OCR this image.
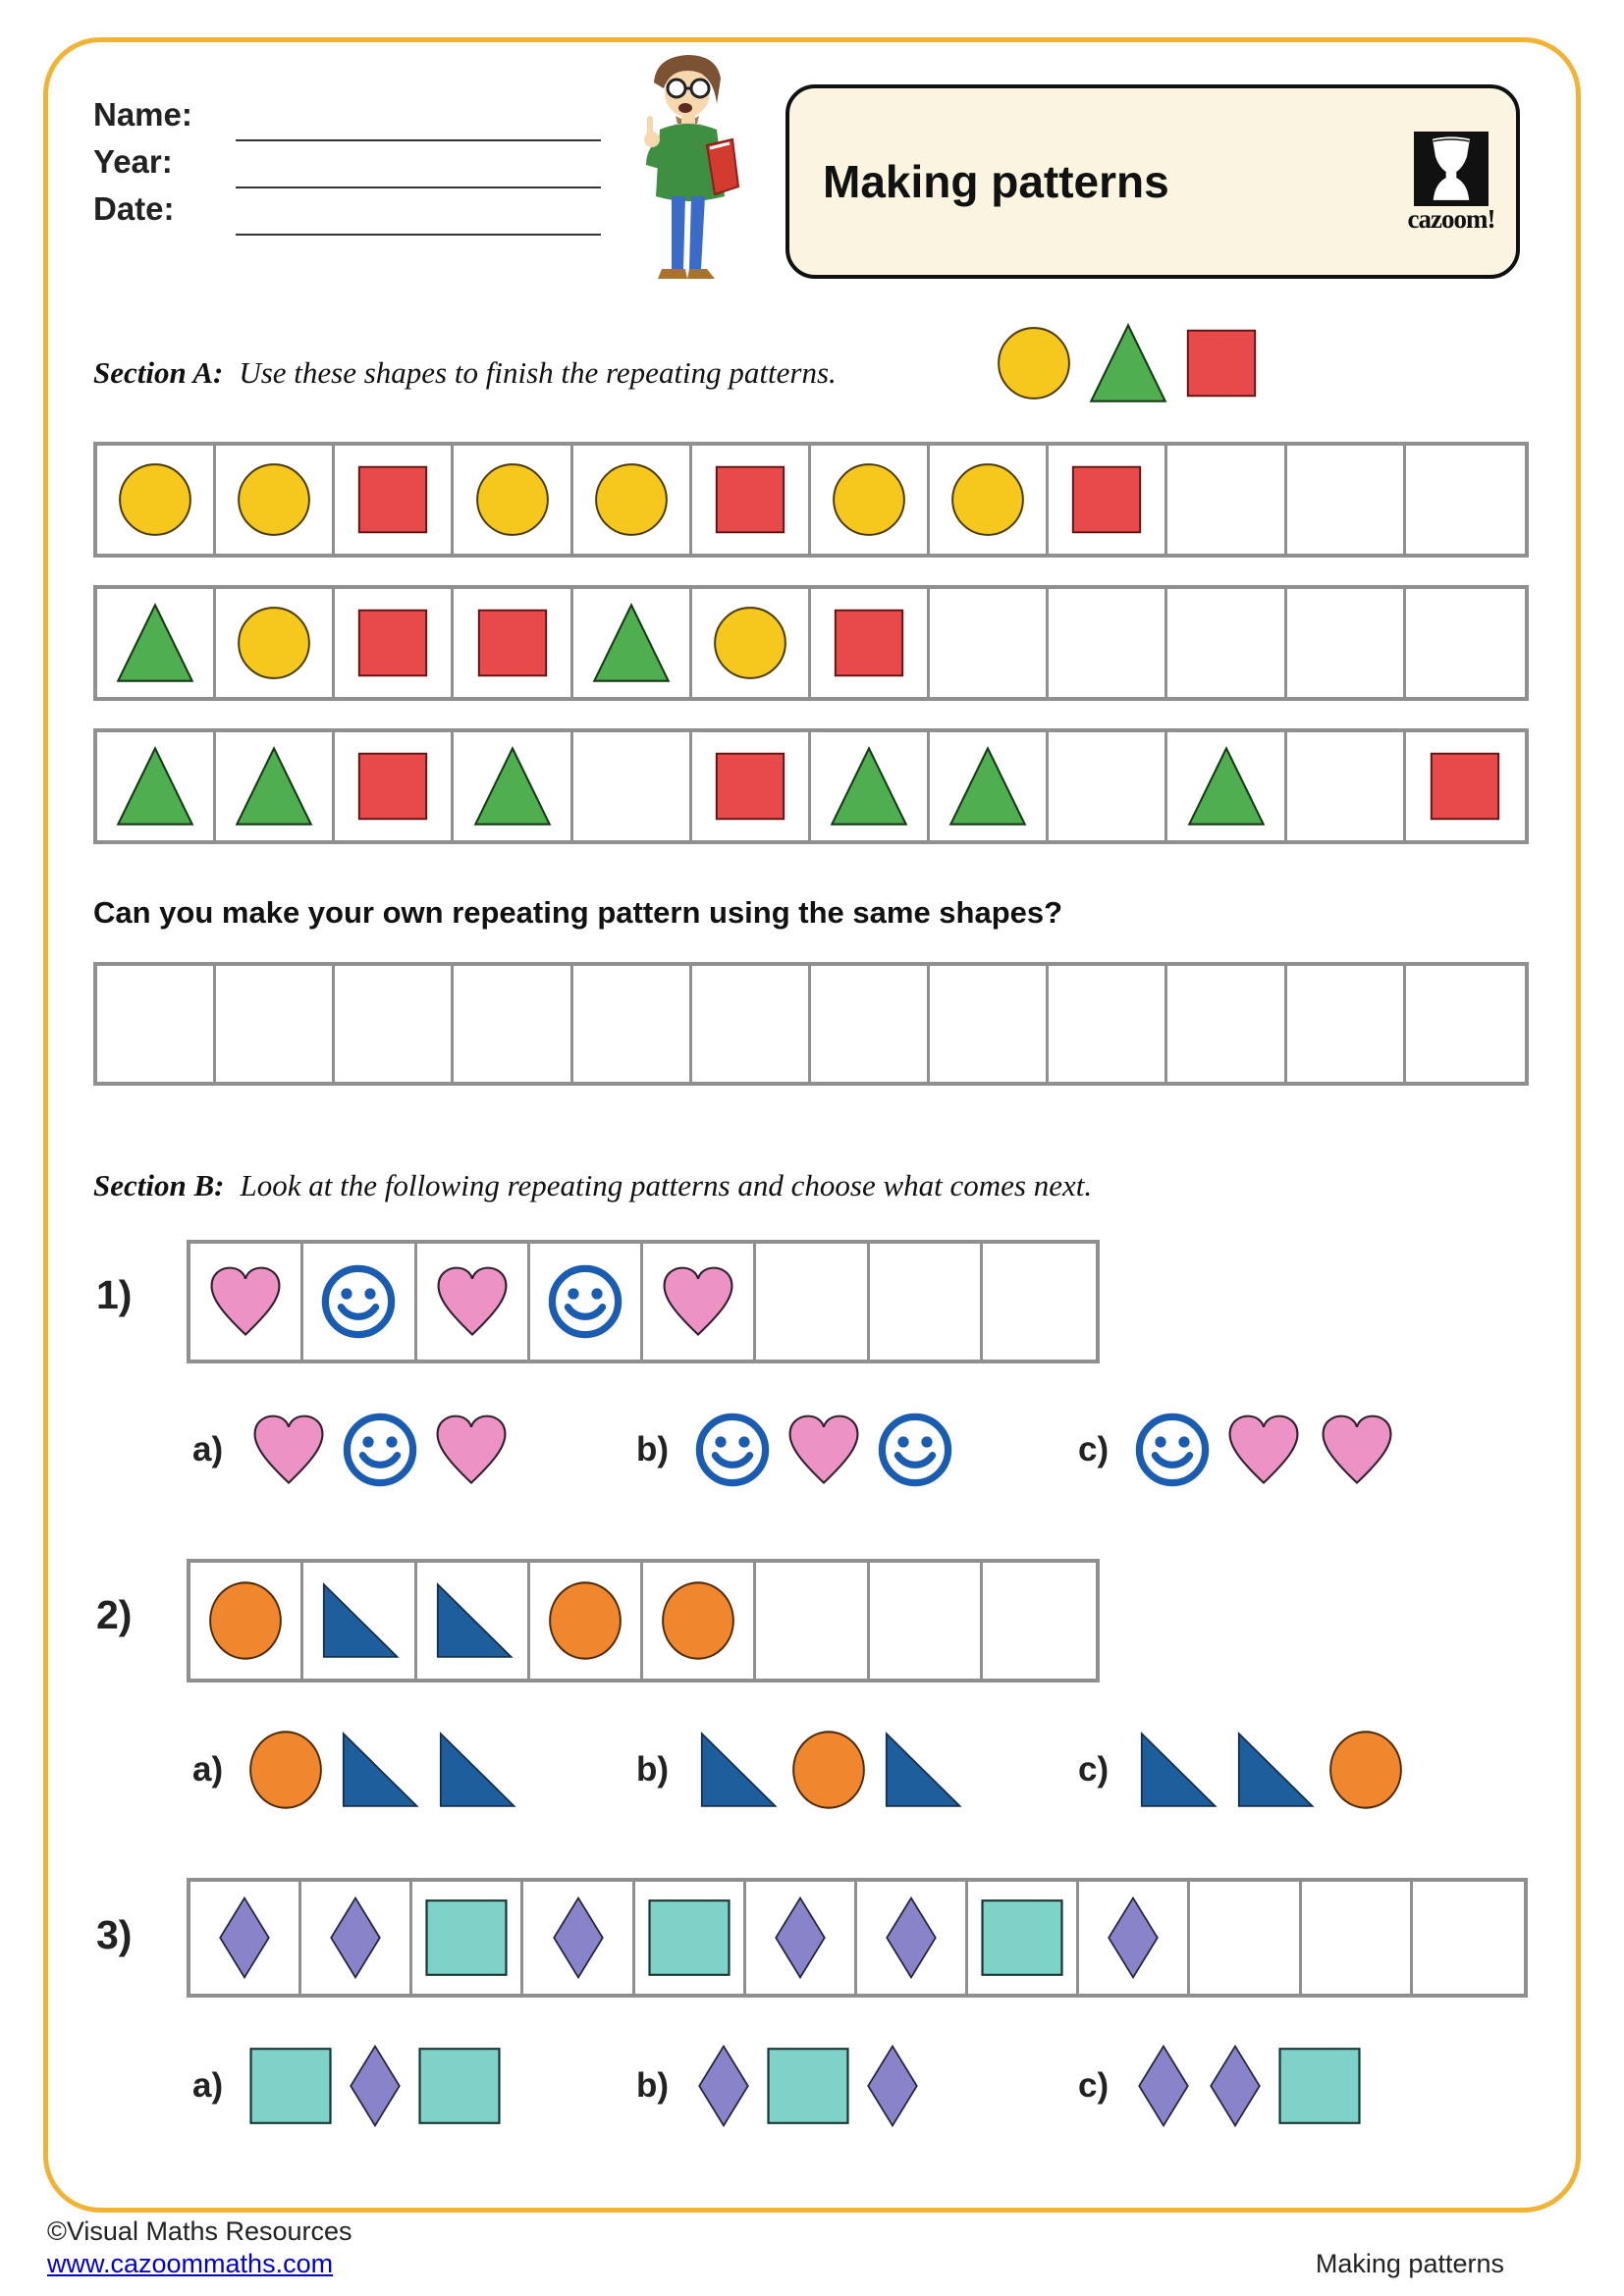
Name:
Year:
Date:
Making patterns
cazoom!
Section A: Use these shapes to finish the repeating patterns.
Can you make your own repeating pattern using the same shapes?
Section B: Look at the following repeating patterns and choose what comes next.
1)
a)	b)	c)
2)
a)	b)	c)
3)
a)	b)	c)
©Visual Maths Resources
www.cazoommaths.com	Making patterns
